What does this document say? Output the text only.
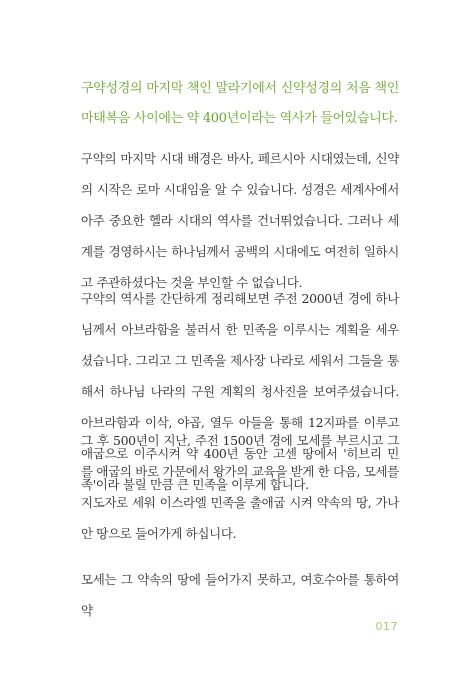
구약성경의 마지막 책인 말라기에서 신약성경의 처음 책인 마태복음 사이에는 약 400년이라는 역사가 들어있습니다.

구약의 마지막 시대 배경은 바사, 페르시아 시대였는데, 신약의 시작은 로마 시대임을 알 수 있습니다. 성경은 세계사에서 아주 중요한 헬라 시대의 역사를 건너뛰었습니다. 그러나 세계를 경영하시는 하나님께서 공백의 시대에도 여전히 일하시고 주관하셨다는 것을 부인할 수 없습니다.

구약의 역사를 간단하게 정리해보면 주전 2000년 경에 하나님께서 아브라함을 불러서 한 민족을 이루시는 계획을 세우셨습니다. 그리고 그 민족을 제사장 나라로 세워서 그들을 통해서 하나님 나라의 구원 계획의 청사진을 보여주셨습니다. 아브라함과 이삭, 야곱, 열두 아들을 통해 12지파를 이루고 애굽으로 이주시켜 약 400년 동안 고센 땅에서 '히브리 민족'이라 불릴 만큼 큰 민족을 이루게 합니다.

그 후 500년이 지난, 주전 1500년 경에 모세를 부르시고 그를 애굽의 바로 가문에서 왕가의 교육을 받게 한 다음, 모세를 지도자로 세워 이스라엘 민족을 출애굽 시켜 약속의 땅, 가나안 땅으로 들어가게 하십니다.

모세는 그 약속의 땅에 들어가지 못하고, 여호수아를 통하여 약

017
